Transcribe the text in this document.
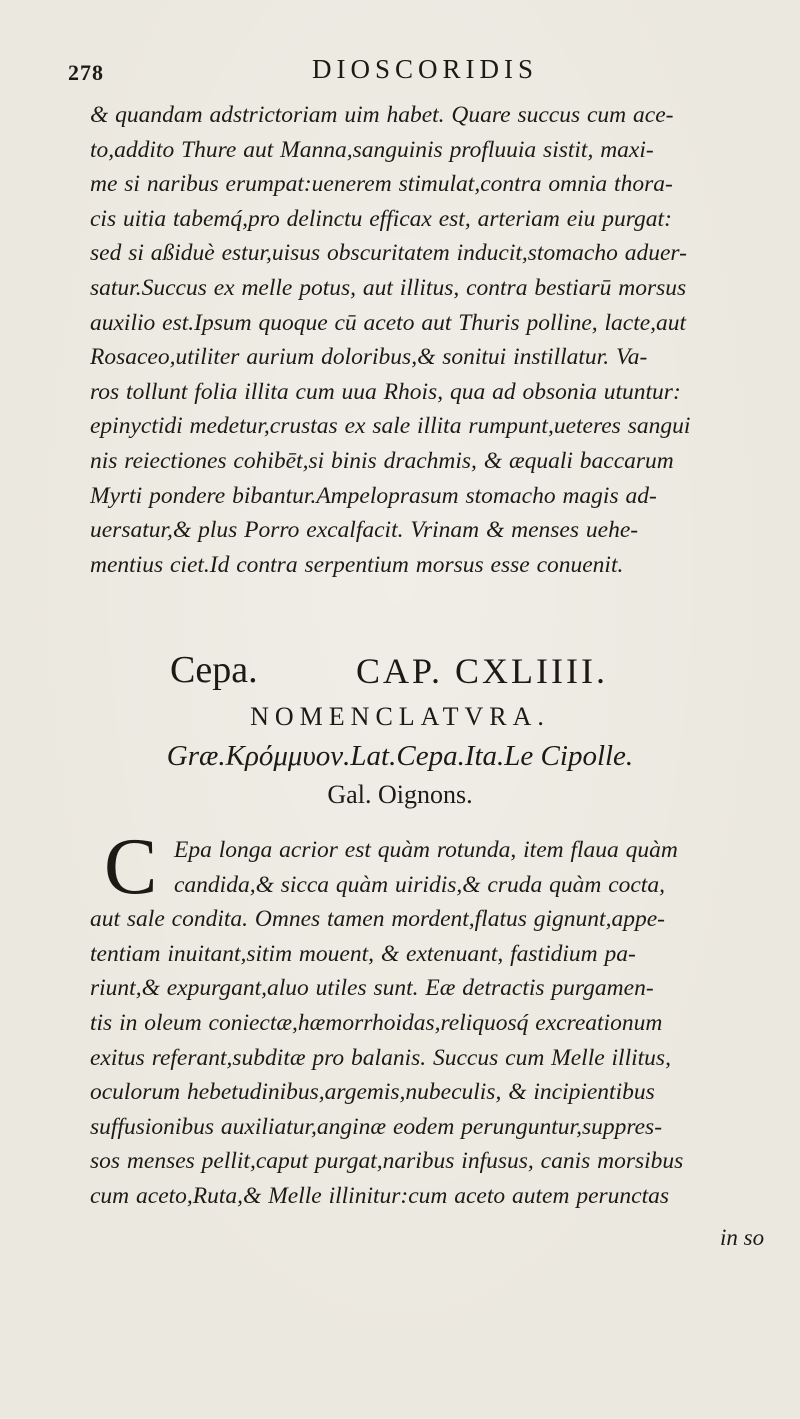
278	DIOSCORIDIS
& quandam adstrictoriam uim habet. Quare succus cum ace-
to,addito Thure aut Manna,sanguinis profluuia sistit, maxi-
me si naribus erumpat:uenerem stimulat,contra omnia thora-
cis uitia tabemq́,pro delinctu efficax est, arteriam eiu purgat:
sed si aßiduè estur,uisus obscuritatem inducit,stomacho aduer-
satur.Succus ex melle potus, aut illitus, contra bestiarū morsus
auxilio est.Ipsum quoque cū aceto aut Thuris polline, lacte,aut
Rosaceo,utiliter aurium doloribus,& sonitui instillatur. Va-
ros tollunt folia illita cum uua Rhois, qua ad obsonia utuntur:
epinyctidi medetur,crustas ex sale illita rumpunt,ueteres sangui
nis reiectiones cohibēt,si binis drachmis, & æquali baccarum
Myrti pondere bibantur.Ampeloprasum stomacho magis ad-
uersatur,& plus Porro excalfacit. Vrinam & menses uehe-
mentius ciet.Id contra serpentium morsus esse conuenit.
Cepa.	CAP. CXLIIII.
NOMENCLATVRA.
Græ.Κρόμμυον.Lat.Cepa.Ita.Le Cipolle.
Gal. Oignons.
C Epa longa acrior est quàm rotunda, item flaua quàm
candida,& sicca quàm uiridis,& cruda quàm cocta,
aut sale condita. Omnes tamen mordent,flatus gignunt,appe-
tentiam inuitant,sitim mouent, & extenuant, fastidium pa-
riunt,& expurgant,aluo utiles sunt. Eæ detractis purgamen-
tis in oleum coniectæ,hæmorrhoidas,reliquosq́ excreationum
exitus referant,subditæ pro balanis. Succus cum Melle illitus,
oculorum hebetudinibus,argemis,nubeculis, & incipientibus
suffusionibus auxiliatur,anginæ eodem perunguntur,suppres-
sos menses pellit,caput purgat,naribus infusus, canis morsibus
cum aceto,Ruta,& Melle illinitur:cum aceto autem perunctas
in so
